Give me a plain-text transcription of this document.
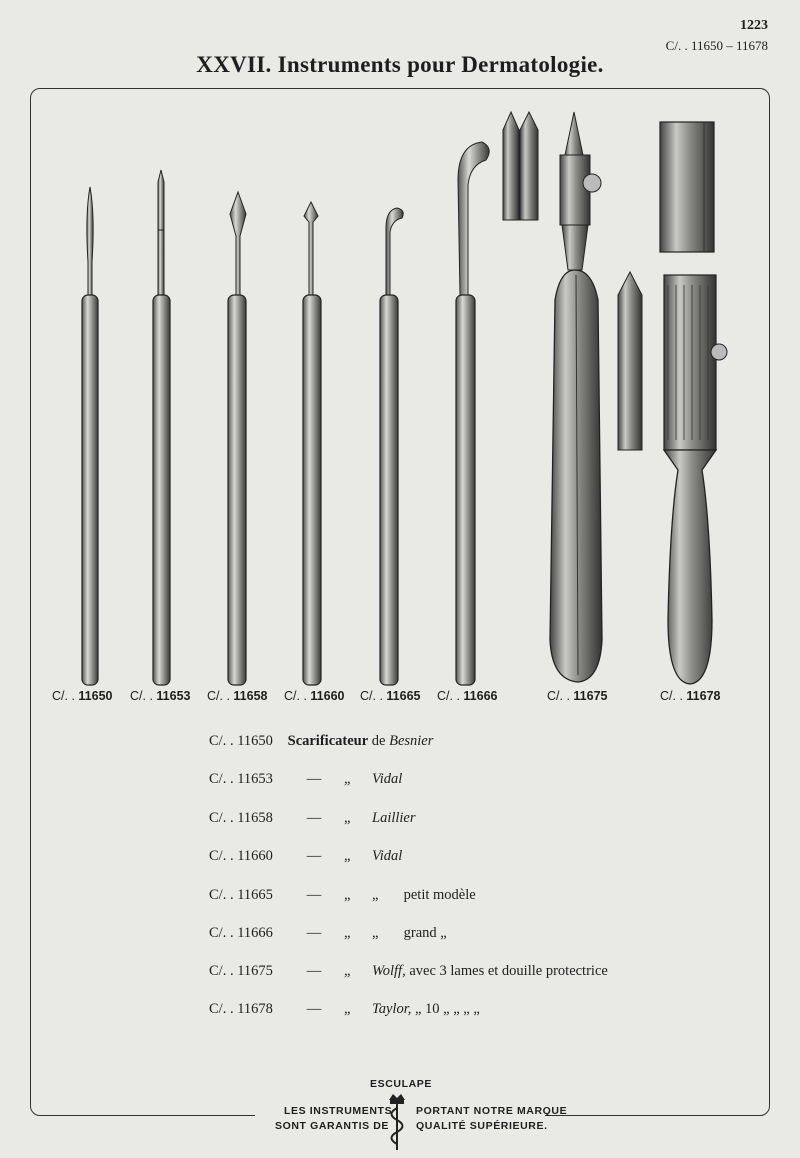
1223
C/. . 11650 – 11678
XXVII. Instruments pour Dermatologie.
C/. . 11650 C/. . 11653 C/. . 11658 C/. . 11660 C/. . 11665 C/. . 11666	C/. . 11675	C/. . 11678
C/. . 11650 Scarificateur de Besnier
C/. . 11653 — „ Vidal
C/. . 11658 — „ Laillier
C/. . 11660 — „ Vidal
C/. . 11665 — „ „ petit modèle
C/. . 11666 — „ „ grand „
C/. . 11675 — „ Wolff, avec 3 lames et douille protectrice
C/. . 11678 — „ Taylor, „ 10 „ „ „ „
ESCULAPE
LES INSTRUMENTS PORTANT NOTRE MARQUE
SONT GARANTIS DE	QUALITÉ SUPÉRIEURE.
